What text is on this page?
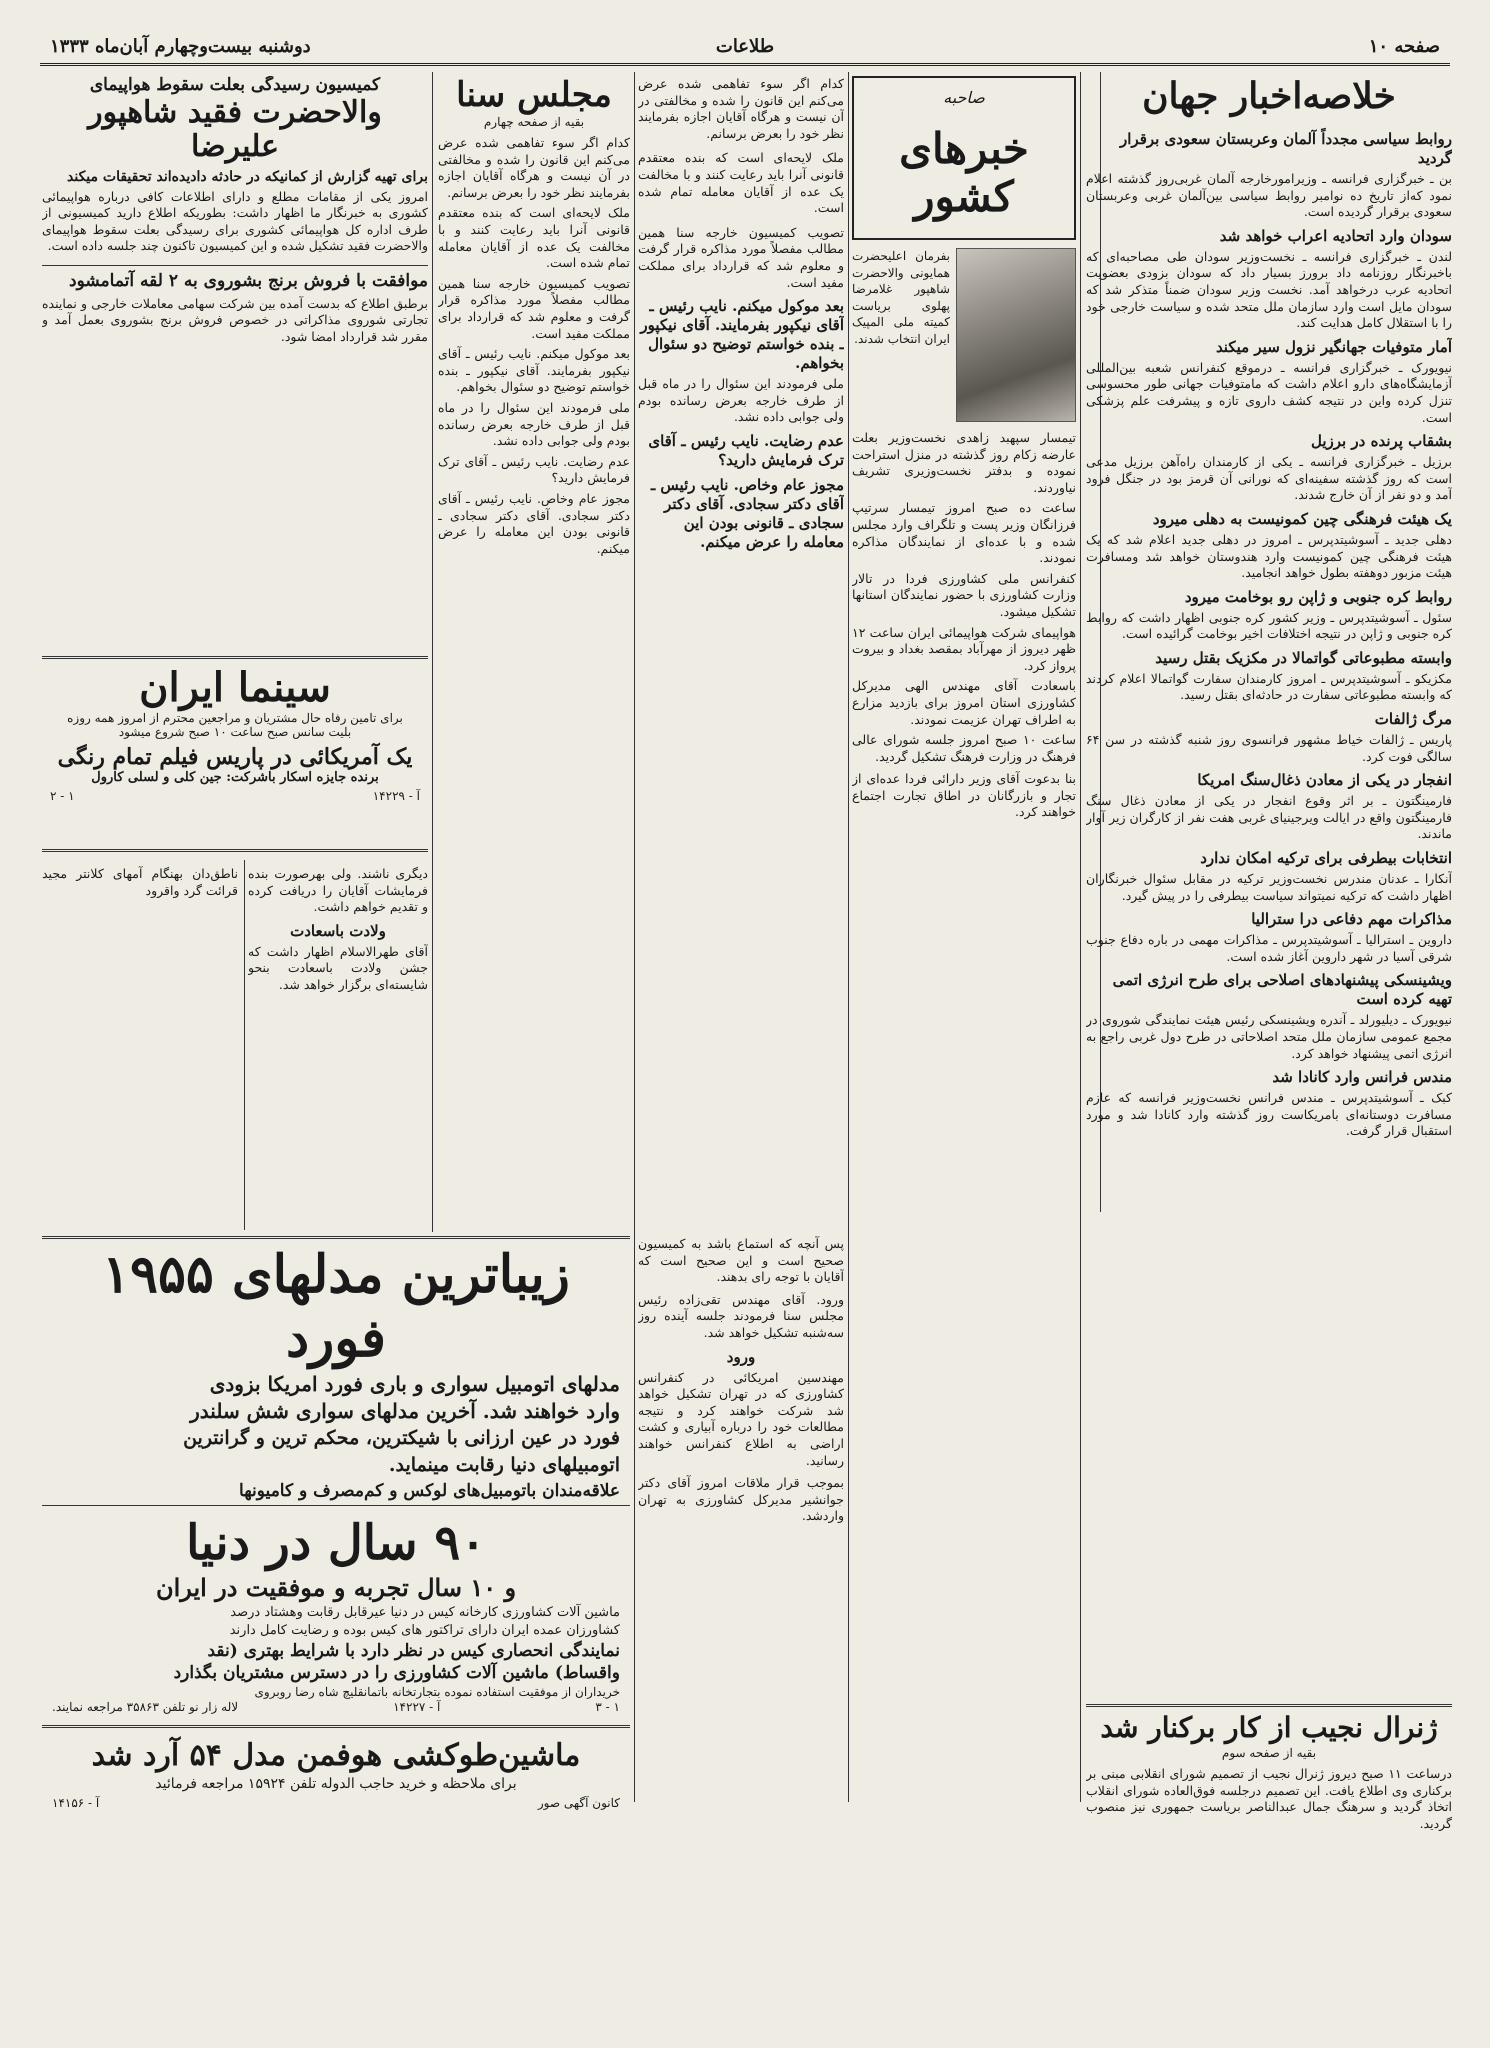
صفحه ۱۰
طلاعات
دوشنبه بیست‌وچهارم آبان‌ماه ۱۳۳۳
خلاصه‌اخبار جهان
روابط سیاسی مجدداً آلمان وعربستان سعودی برقرار گردید
بن ـ خبرگزاری فرانسه ـ وزیرامورخارجه آلمان غربی‌روز گذشته اعلام نمود که‌از تاریخ ده نوامبر روابط سیاسی بین‌آلمان غربی وعربستان سعودی برقرار گردیده است.
سودان وارد اتحادیه اعراب خواهد شد
لندن ـ خبرگزاری فرانسه ـ نخست‌وزیر سودان طی مصاحبه‌ای که باخبرنگار روزنامه داد برورز بسیار داد که سودان بزودی بعضویت اتحادیه عرب درخواهد آمد. نخست وزیر سودان ضمناً متذکر شد که سودان مایل است وارد سازمان ملل متحد شده و سیاست خارجی خود را با استقلال کامل هدایت کند.
آمار متوفیات جهانگیر نزول سیر میکند
نیویورک ـ خبرگزاری فرانسه ـ درموقع کنفرانس شعبه بین‌المللی آزمایشگاه‌های دارو اعلام داشت که مامتوفیات جهانی طور محسوسی تنزل کرده واین در نتیجه کشف داروی تازه و پیشرفت علم پزشکی است.
بشقاب پرنده در برزیل
برزیل ـ خبرگزاری فرانسه ـ یکی از کارمندان راه‌آهن برزیل مدعی است که روز گذشته سفینه‌ای که نورانی آن قرمز بود در جنگل فرود آمد و دو نفر از آن خارج شدند.
یک هیئت فرهنگی چین کمونیست به دهلی میرود
دهلی جدید ـ آسوشیتدپرس ـ امروز در دهلی جدید اعلام شد که یک هیئت فرهنگی چین کمونیست وارد هندوستان خواهد شد ومسافرت هیئت مزبور دوهفته بطول خواهد انجامید.
روابط کره جنوبی و ژاپن رو بوخامت میرود
سئول ـ آسوشیتدپرس ـ وزیر کشور کره جنوبی اظهار داشت که روابط کره جنوبی و ژاپن در نتیجه اختلافات اخیر بوخامت گرائیده است.
وابسته مطبوعاتی گواتمالا در مکزیک بقتل رسید
مکزیکو ـ آسوشیتدپرس ـ امروز کارمندان سفارت گواتمالا اعلام کردند که وابسته مطبوعاتی سفارت در حادثه‌ای بقتل رسید.
مرگ ژالفات
پاریس ـ ژالفات خیاط مشهور فرانسوی روز شنبه گذشته در سن ۶۴ سالگی فوت کرد.
انفجار در یکی از معادن ذغال‌سنگ امریکا
فارمینگتون ـ بر اثر وقوع انفجار در یکی از معادن ذغال سنگ فارمینگتون واقع در ایالت ویرجینیای غربی هفت نفر از کارگران زیر آوار ماندند.
انتخابات بیطرفی برای ترکیه امکان ندارد
آنکارا ـ عدنان مندرس نخست‌وزیر ترکیه در مقابل سئوال خبرنگاران اظهار داشت که ترکیه نمیتواند سیاست بیطرفی را در پیش گیرد.
مذاکرات مهم دفاعی درا سترالیا
داروین ـ استرالیا ـ آسوشیتدپرس ـ مذاکرات مهمی در باره دفاع جنوب شرقی آسیا در شهر داروین آغاز شده است.
ویشینسکی پیشنهادهای اصلاحی برای طرح انرژی اتمی تهیه کرده است
نیویورک ـ دیلیورلد ـ آندره ویشینسکی رئیس هیئت نمایندگی شوروی در مجمع عمومی سازمان ملل متحد اصلاحاتی در طرح دول غربی راجع به انرژی اتمی پیشنهاد خواهد کرد.
مندس فرانس وارد کانادا شد
کبک ـ آسوشیتدپرس ـ مندس فرانس نخست‌وزیر فرانسه که عازم مسافرت دوستانه‌ای بامریکاست روز گذشته وارد کانادا شد و مورد استقبال قرار گرفت.
ژنرال نجیب از کار برکنار شد
بقیه از صفحه سوم
درساعت ۱۱ صبح دیروز ژنرال نجیب از تصمیم شورای انقلابی مبنی بر برکناری وی اطلاع یافت. این تصمیم درجلسه فوق‌العاده شورای انقلاب اتخاذ گردید و سرهنگ جمال عبدالناصر بریاست جمهوری نیز منصوب گردید.
صاحبه
خبرهای کشور
بفرمان اعلیحضرت همایونی والاحضرت شاهپور غلامرضا پهلوی بریاست کمیته ملی المپیک ایران انتخاب شدند.

تیمسار سپهبد زاهدی نخست‌وزیر بعلت عارضه زکام روز گذشته در منزل استراحت نموده و بدفتر نخست‌وزیری تشریف نیاوردند.

ساعت ده صبح امروز تیمسار سرتیپ فرزانگان وزیر پست و تلگراف وارد مجلس شده و با عده‌ای از نمایندگان مذاکره نمودند.

کنفرانس ملی کشاورزی فردا در تالار وزارت کشاورزی با حضور نمایندگان استانها تشکیل میشود.

هواپیمای شرکت هواپیمائی ایران ساعت ۱۲ ظهر دیروز از مهرآباد بمقصد بغداد و بیروت پرواز کرد.

باسعادت آقای مهندس الهی مدیرکل کشاورزی استان امروز برای بازدید مزارع به اطراف تهران عزیمت نمودند.

ساعت ۱۰ صبح امروز جلسه شورای عالی فرهنگ در وزارت فرهنگ تشکیل گردید.

بنا بدعوت آقای وزیر دارائی فردا عده‌ای از تجار و بازرگانان در اطاق تجارت اجتماع خواهند کرد.
مجلس سنا
بقیه از صفحه چهارم

کدام اگر سوء تفاهمی شده عرض می‌کنم این قانون را شده و مخالفتی در آن نیست و هرگاه آقایان اجازه بفرمایند نظر خود را بعرض برسانم.

ملک لایحه‌ای است که بنده معتقدم قانونی آنرا باید رعایت کنند و با مخالفت یک عده از آقایان معامله تمام شده است.

تصویب کمیسیون خارجه سنا همین مطالب مفصلاً مورد مذاکره قرار گرفت و معلوم شد که قرارداد برای مملکت مفید است.

بعد موکول میکنم. نایب رئیس ـ آقای نیکپور بفرمایند. آقای نیکپور ـ بنده خواستم توضیح دو سئوال بخواهم.

ملی فرمودند این سئوال را در ماه قبل از طرف خارجه بعرض رسانده بودم ولی جوابی داده نشد.

عدم رضایت. نایب رئیس ـ آقای ترک فرمایش دارید؟

مجوز عام وخاص. نایب رئیس ـ آقای دکتر سجادی. آقای دکتر سجادی ـ قانونی بودن این معامله را عرض میکنم.

کدام اگر سوء تفاهمی شده عرض می‌کنم این قانون را شده و مخالفتی در آن نیست و هرگاه آقایان اجازه بفرمایند نظر خود را بعرض برسانم.
ملک لایحه‌ای است که بنده معتقدم قانونی آنرا باید رعایت کنند و با مخالفت یک عده از آقایان معامله تمام شده است.
تصویب کمیسیون خارجه سنا همین مطالب مفصلاً مورد مذاکره قرار گرفت و معلوم شد که قرارداد برای مملکت مفید است.
بعد موکول میکنم. نایب رئیس ـ آقای نیکپور بفرمایند. آقای نیکپور ـ بنده خواستم توضیح دو سئوال بخواهم.
ملی فرمودند این سئوال را در ماه قبل از طرف خارجه بعرض رسانده بودم ولی جوابی داده نشد.
عدم رضایت. نایب رئیس ـ آقای ترک فرمایش دارید؟
مجوز عام وخاص. نایب رئیس ـ آقای دکتر سجادی. آقای دکتر سجادی ـ قانونی بودن این معامله را عرض میکنم.
کمیسیون رسیدگی بعلت سقوط هواپیمای
والاحضرت فقید شاهپور علیرضا
برای تهیه گزارش از کمانیکه در حادثه دادیده‌اند تحقیقات میکند
امروز یکی از مقامات مطلع و دارای اطلاعات کافی درباره هواپیمائی کشوری به خبرنگار ما اظهار داشت: بطوریکه اطلاع دارید کمیسیونی از طرف اداره کل هواپیمائی کشوری برای رسیدگی بعلت سقوط هواپیمای والاحضرت فقید تشکیل شده و این کمیسیون تاکنون چند جلسه داده است.
موافقت با فروش برنج بشوروی به ۲ لقه آتمامشود
برطبق اطلاع که بدست آمده بین شرکت سهامی معاملات خارجی و نماینده تجارتی شوروی مذاکراتی در خصوص فروش برنج بشوروی بعمل آمد و مقرر شد قرارداد امضا شود.
سینما ایران
برای تامین رفاه حال مشتریان و مراجعین محترم از امروز همه روزه
بلیت سانس صبح ساعت ۱۰ صبح شروع میشود
یک آمریکائی در پاریس فیلم تمام رنگی
برنده جایزه اسکار باشرکت: جین کلی و لسلی کارول
آ - ۱۴۲۲۹
۱ - ۲
دیگری ناشند. ولی بهرصورت بنده فرمایشات آقایان را دریافت کرده و تقدیم خواهم داشت.
ولادت باسعادت
آقای طهرالاسلام اظهار داشت که جشن ولادت باسعادت بنحو شایسته‌ای برگزار خواهد شد.
ناطق‌دان بهنگام آمهای کلانتر مجید قرائت گرد واقرود
زیباترین مدلهای ۱۹۵۵ فورد
مدلهای اتومبیل سواری و باری فورد امریکا بزودی
وارد خواهند شد. آخرین مدلهای سواری شش سلندر
فورد در عین ارزانی با شیکترین، محکم ترین و گرانترین
اتومبیلهای دنیا رقابت مینماید.
علاقه‌مندان باتومبیل‌های لوکس و کم‌مصرف و کامیونها
۹۰ سال در دنیا
و ۱۰ سال تجربه و موفقیت در ایران
ماشین آلات کشاورزی کارخانه کیس در دنیا عیرقابل رقابت وهشتاد درصد
کشاورزان عمده ایران دارای تراکتور های کیس بوده و رضایت کامل دارند
نمایندگی انحصاری کیس در نظر دارد با شرایط بهتری (نقد
واقساط) ماشین آلات کشاورزی را در دسترس مشتریان بگذارد
خریداران از موفقیت استفاده نموده بتجارتخانه باتمانقلیچ شاه رضا روبروی
۱ - ۳
آ - ۱۴۲۲۷
لاله زار نو تلفن ۳۵۸۶۳ مراجعه نمایند.
ماشین‌طوکشی هوفمن مدل ۵۴ آرد شد
برای ملاحظه و خرید حاجب الدوله تلفن ۱۵۹۲۴ مراجعه فرمائید
کانون آگهی صور
آ - ۱۴۱۵۶
پس آنچه که استماع باشد به کمیسیون صحیح است و این صحیح است که آقایان با توجه رای بدهند.
ورود. آقای مهندس تقی‌زاده رئیس مجلس سنا فرمودند جلسه آینده روز سه‌شنبه تشکیل خواهد شد.
ورود
مهندسین امریکائی در کنفرانس کشاورزی که در تهران تشکیل خواهد شد شرکت خواهند کرد و نتیجه مطالعات خود را درباره آبیاری و کشت اراضی به اطلاع کنفرانس خواهند رسانید.
بموجب قرار ملاقات امروز آقای دکتر جوانشیر مدیرکل کشاورزی به تهران واردشد.
